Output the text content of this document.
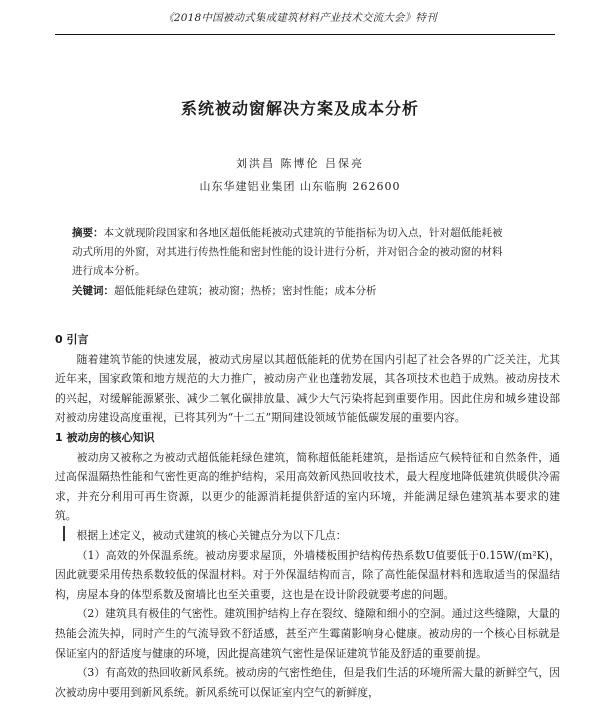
《2018中国被动式集成建筑材料产业技术交流大会》特刊
系统被动窗解决方案及成本分析
刘洪昌 陈博伦 吕保亮
山东华建铝业集团 山东临朐 262600
摘要：本文就现阶段国家和各地区超低能耗被动式建筑的节能指标为切入点，针对超低能耗被动式所用的外窗，对其进行传热性能和密封性能的设计进行分析，并对铝合金的被动窗的材料进行成本分析。
关键词：超低能耗绿色建筑；被动窗；热桥；密封性能；成本分析

0 引言

随着建筑节能的快速发展，被动式房屋以其超低能耗的优势在国内引起了社会各界的广泛关注，尤其近年来，国家政策和地方规范的大力推广，被动房产业也蓬勃发展，其各项技术也趋于成熟。被动房技术的兴起，对缓解能源紧张、减少二氧化碳排放量、减少大气污染将起到重要作用。因此住房和城乡建设部对被动房建设高度重视，已将其列为“十二五”期间建设领域节能低碳发展的重要内容。

1 被动房的核心知识

被动房又被称之为被动式超低能耗绿色建筑，简称超低能耗建筑，是指适应气候特征和自然条件，通过高保温隔热性能和气密性更高的维护结构，采用高效新风热回收技术，最大程度地降低建筑供暖供冷需求，并充分利用可再生资源，以更少的能源消耗提供舒适的室内环境，并能满足绿色建筑基本要求的建筑。

根据上述定义，被动式建筑的核心关键点分为以下几点：

（1）高效的外保温系统。被动房要求屋顶，外墙楼板围护结构传热系数U值要低于0.15W/(m²K)，因此就要采用传热系数较低的保温材料。对于外保温结构而言，除了高性能保温材料和选取适当的保温结构，房屋本身的体型系数及窗墙比也至关重要，这也是在设计阶段就要考虑的问题。

（2）建筑具有极佳的气密性。建筑围护结构上存在裂纹、缝隙和细小的空洞。通过这些缝隙，大量的热能会流失掉，同时产生的气流导致不舒适感，甚至产生霉菌影响身心健康。被动房的一个核心目标就是保证室内的舒适度与健康的环境，因此提高建筑气密性是保证建筑节能及舒适的重要前提。

（3）有高效的热回收新风系统。被动房的气密性绝佳，但是我们生活的环境所需大量的新鲜空气，因次被动房中要用到新风系统。新风系统可以保证室内空气的新鲜度，
